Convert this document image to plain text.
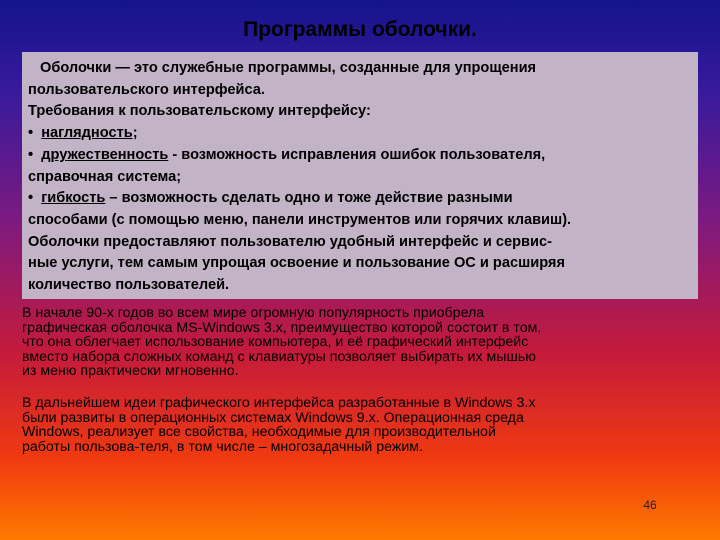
Программы оболочки.

Оболочки — это служебные программы, созданные для упрощения

пользовательского интерфейса.

Требования к пользовательскому интерфейсу:

• наглядность;

• дружественность - возможность исправления ошибок пользователя,

справочная система;

• гибкость – возможность сделать одно и тоже действие разными

способами (с помощью меню, панели инструментов или горячих клавиш).

Оболочки предоставляют пользователю удобный интерфейс и сервис-

ные услуги, тем самым упрощая освоение и пользование ОС и расширяя

количество пользователей.

В начале 90-х годов во всем мире огромную популярность приобрела

графическая оболочка MS-Windows 3.x, преимущество которой состоит в том,

что она облегчает использование компьютера, и её графический интерфейс

вместо набора сложных команд с клавиатуры позволяет выбирать их мышью

из меню практически мгновенно.

В дальнейшем идеи графического интерфейса разработанные в Windows 3.x

были развиты в операционных системах Windows 9.x. Операционная среда

Windows, реализует все свойства, необходимые для производительной

работы пользова-теля, в том числе – многозадачный режим.

46
